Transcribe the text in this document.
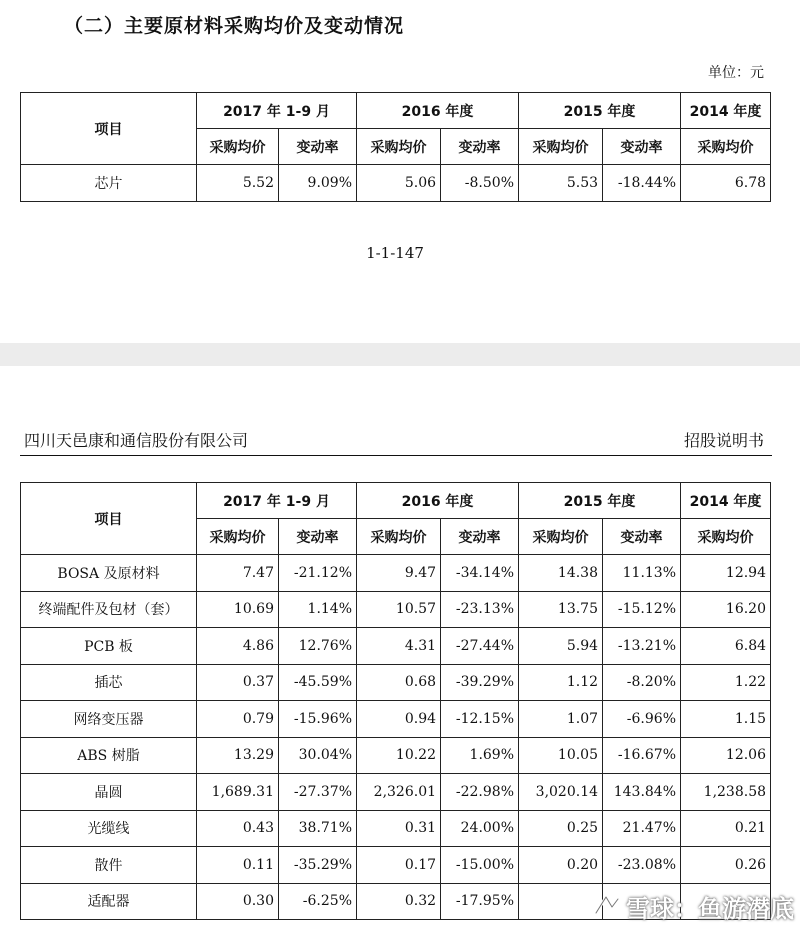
（二）主要原材料采购均价及变动情况
单位：元
项目	2017 年 1-9 月		2016 年度		2015 年度		2014 年度
	采购均价	变动率	采购均价	变动率	采购均价	变动率	采购均价
芯片	5.52	9.09%	5.06	-8.50%	5.53	-18.44%	6.78
1-1-147
四川天邑康和通信股份有限公司	招股说明书
项目	2017 年 1-9 月		2016 年度		2015 年度		2014 年度
	采购均价	变动率	采购均价	变动率	采购均价	变动率	采购均价
BOSA 及原材料	7.47	-21.12%	9.47	-34.14%	14.38	11.13%	12.94
终端配件及包材（套）	10.69	1.14%	10.57	-23.13%	13.75	-15.12%	16.20
PCB 板	4.86	12.76%	4.31	-27.44%	5.94	-13.21%	6.84
插芯	0.37	-45.59%	0.68	-39.29%	1.12	-8.20%	1.22
网络变压器	0.79	-15.96%	0.94	-12.15%	1.07	-6.96%	1.15
ABS 树脂	13.29	30.04%	10.22	1.69%	10.05	-16.67%	12.06
晶圆	1,689.31	-27.37%	2,326.01	-22.98%	3,020.14	143.84%	1,238.58
光缆线	0.43	38.71%	0.31	24.00%	0.25	21.47%	0.21
散件	0.11	-35.29%	0.17	-15.00%	0.20	-23.08%	0.26
适配器	0.30	-6.25%	0.32	-17.95%				雪球：鱼游潜底
